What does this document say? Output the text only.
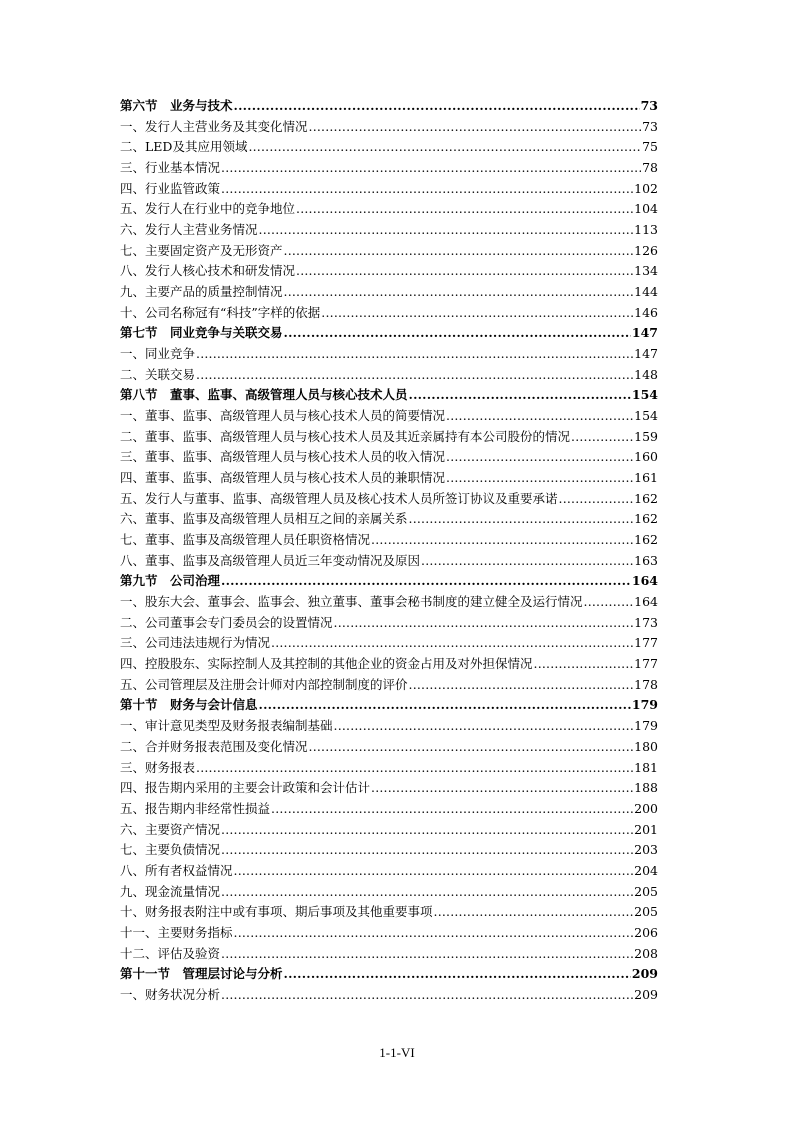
第六节　业务与技术 .....	73
一、发行人主营业务及其变化情况 .....	73
二、LED及其应用领域 .....	75
三、行业基本情况 .....	78
四、行业监管政策 .....	102
五、发行人在行业中的竞争地位 .....	104
六、发行人主营业务情况 .....	113
七、主要固定资产及无形资产 .....	126
八、发行人核心技术和研发情况 .....	134
九、主要产品的质量控制情况 .....	144
十、公司名称冠有“科技”字样的依据 .....	146
第七节　同业竞争与关联交易 .....	147
一、同业竞争 .....	147
二、关联交易 .....	148
第八节　董事、监事、高级管理人员与核心技术人员 .....	154
一、董事、监事、高级管理人员与核心技术人员的简要情况 .....	154
二、董事、监事、高级管理人员与核心技术人员及其近亲属持有本公司股份的情况 .....	159
三、董事、监事、高级管理人员与核心技术人员的收入情况 .....	160
四、董事、监事、高级管理人员与核心技术人员的兼职情况 .....	161
五、发行人与董事、监事、高级管理人员及核心技术人员所签订协议及重要承诺 .....	162
六、董事、监事及高级管理人员相互之间的亲属关系 .....	162
七、董事、监事及高级管理人员任职资格情况 .....	162
八、董事、监事及高级管理人员近三年变动情况及原因 .....	163
第九节　公司治理 .....	164
一、股东大会、董事会、监事会、独立董事、董事会秘书制度的建立健全及运行情况 .....	164
二、公司董事会专门委员会的设置情况 .....	173
三、公司违法违规行为情况 .....	177
四、控股股东、实际控制人及其控制的其他企业的资金占用及对外担保情况 .....	177
五、公司管理层及注册会计师对内部控制制度的评价 .....	178
第十节　财务与会计信息 .....	179
一、审计意见类型及财务报表编制基础 .....	179
二、合并财务报表范围及变化情况 .....	180
三、财务报表 .....	181
四、报告期内采用的主要会计政策和会计估计 .....	188
五、报告期内非经常性损益 .....	200
六、主要资产情况 .....	201
七、主要负债情况 .....	203
八、所有者权益情况 .....	204
九、现金流量情况 .....	205
十、财务报表附注中或有事项、期后事项及其他重要事项 .....	205
十一、主要财务指标 .....	206
十二、评估及验资 .....	208
第十一节　管理层讨论与分析 .....	209
一、财务状况分析 .....	209
1-1-VI
